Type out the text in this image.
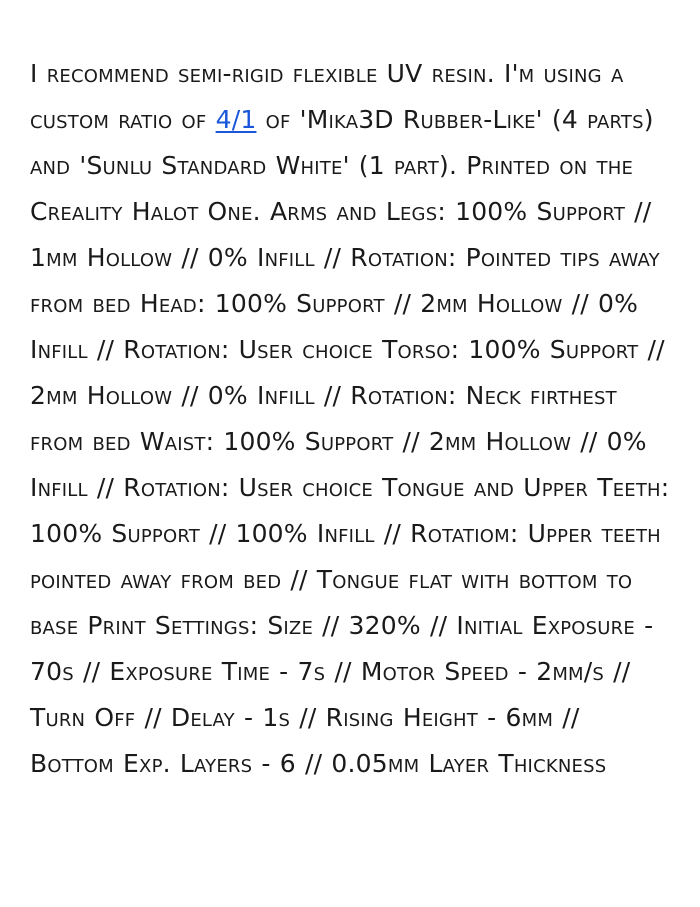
I recommend semi-rigid flexible UV resin. I'm using a custom ratio of 4/1 of 'Mika3D Rubber-Like' (4 parts) and 'Sunlu Standard White' (1 part). Printed on the Creality Halot One. Arms and Legs: 100% Support // 1mm Hollow // 0% Infill // Rotation: Pointed tips away from bed Head: 100% Support // 2mm Hollow // 0% Infill // Rotation: User choice Torso: 100% Support // 2mm Hollow // 0% Infill // Rotation: Neck firthest from bed Waist: 100% Support // 2mm Hollow // 0% Infill // Rotation: User choice Tongue and Upper Teeth: 100% Support // 100% Infill // Rotatiom: Upper teeth pointed away from bed // Tongue flat with bottom to base Print Settings: Size // 320% // Initial Exposure - 70s // Exposure Time - 7s // Motor Speed - 2mm/s // Turn Off // Delay - 1s // Rising Height - 6mm // Bottom Exp. Layers - 6 // 0.05mm Layer Thickness
